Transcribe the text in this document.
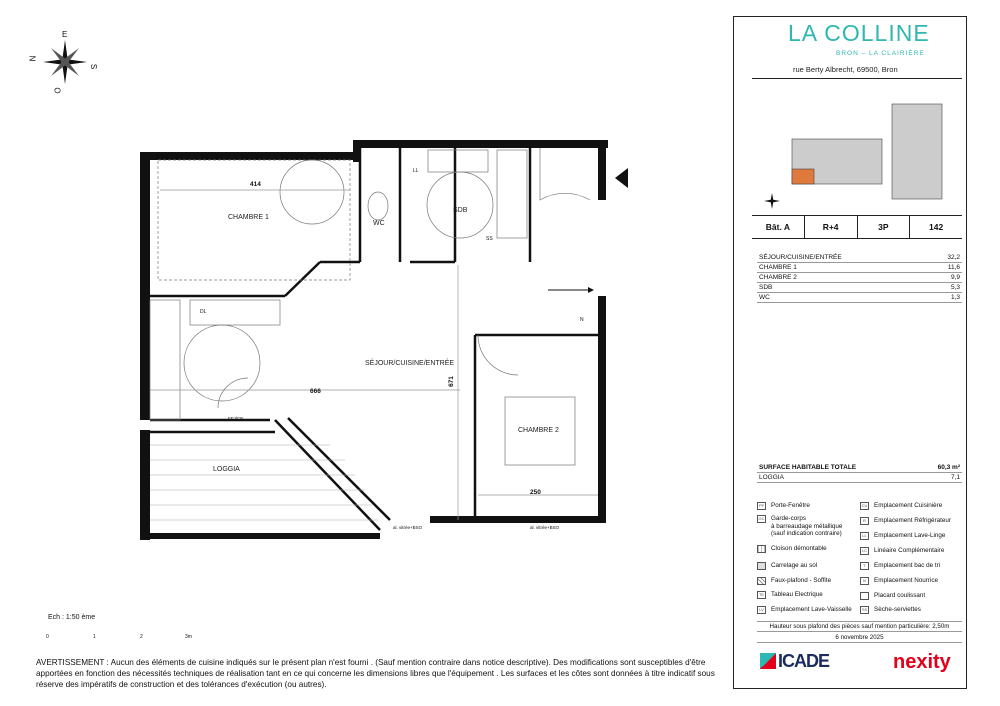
N
E
S
O
CHAMBRE 1
WC
SDB
SÉJOUR/CUISINE/ENTRÉE
CHAMBRE 2
LOGGIA
414
666
671
250
LL
SS
N
DL
FFJ/CE
al. vitrée+BSO	al. vitrée+BSO
Ech : 1:50 ème
0	1	2	3m
AVERTISSEMENT : Aucun des éléments de cuisine indiqués sur le présent plan n'est fourni . (Sauf mention contraire dans notice descriptive). Des modifications sont susceptibles d'être apportées en fonction des nécessités techniques de réalisation tant en ce qui concerne les dimensions libres que l'équipement . Les surfaces et les côtes sont données à titre indicatif sous réserve des impératifs de construction et des tolérances d'exécution (ou autres).
LA COLLINE
BRON – LA CLAIRIÈRE
rue Berty Albrecht, 69500, Bron
Bât. A	R+4	3P	142
SÉJOUR/CUISINE/ENTRÉE	32,2
CHAMBRE 1	11,6
CHAMBRE 2	9,9
SDB	5,3
WC	1,3
SURFACE HABITABLE TOTALE	60,3 m²
LOGGIA	7,1
PF	Porte-Fenêtre
GC Garde-corps
à barreaudage métallique
(sauf indication contraire)
Cloison démontable
Carrelage au sol
Faux-plafond - Soffite
TE	Tableau Electrique
LV	Emplacement Lave-Vaisselle
CU Emplacement Cuisinière
R	Emplacement Réfrigérateur
LL	Emplacement Lave-Linge
LC	Linéaire Complémentaire
T	Emplacement bac de tri
N	Emplacement Nourrice
Placard coulissant
SS Sèche-serviettes
Hauteur sous plafond des pièces sauf mention particulière: 2,50m
6 novembre 2025
ICADE	nexity
